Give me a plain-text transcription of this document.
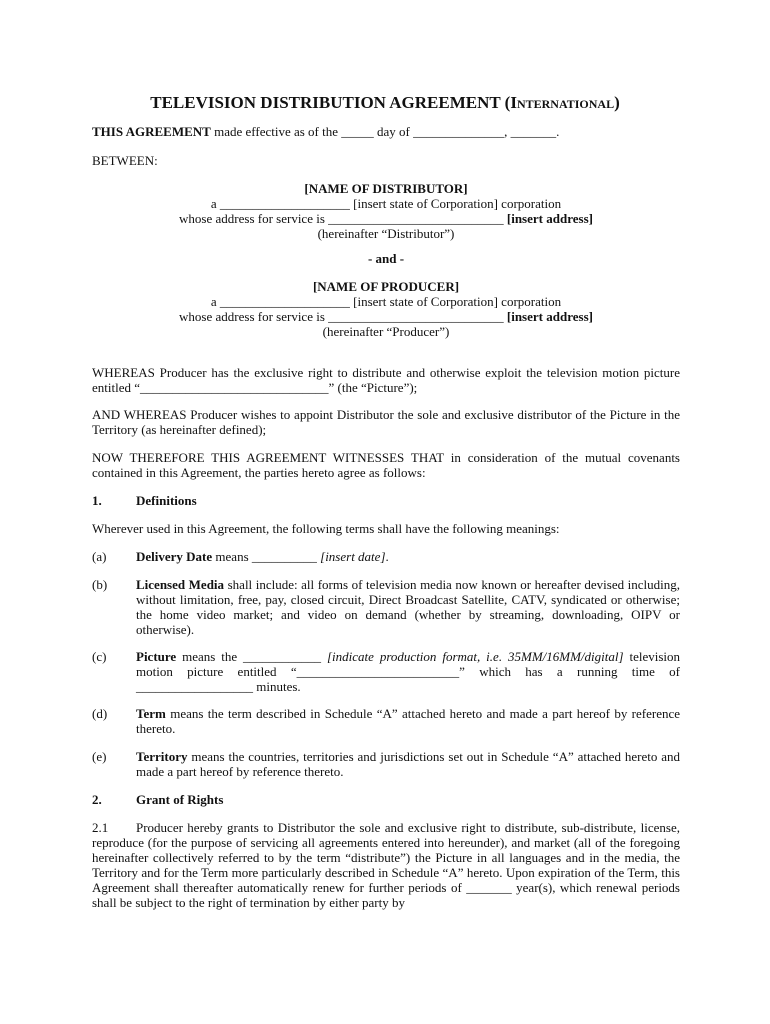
TELEVISION DISTRIBUTION AGREEMENT (International)
THIS AGREEMENT made effective as of the _____ day of ______________, _______.
BETWEEN:
[NAME OF DISTRIBUTOR]
a ____________________ [insert state of Corporation] corporation
whose address for service is ___________________________ [insert address]
(hereinafter “Distributor”)
- and -
[NAME OF PRODUCER]
a ____________________ [insert state of Corporation] corporation
whose address for service is ___________________________ [insert address]
(hereinafter “Producer”)
WHEREAS Producer has the exclusive right to distribute and otherwise exploit the television motion picture entitled “_____________________________” (the “Picture”);
AND WHEREAS Producer wishes to appoint Distributor the sole and exclusive distributor of the Picture in the Territory (as hereinafter defined);
NOW THEREFORE THIS AGREEMENT WITNESSES THAT in consideration of the mutual covenants contained in this Agreement, the parties hereto agree as follows:
1.	Definitions
Wherever used in this Agreement, the following terms shall have the following meanings:
(a) Delivery Date means __________ [insert date].
(b) Licensed Media shall include: all forms of television media now known or hereafter devised including, without limitation, free, pay, closed circuit, Direct Broadcast Satellite, CATV, syndicated or otherwise; the home video market; and video on demand (whether by streaming, downloading, OIPV or otherwise).
(c) Picture means the ____________ [indicate production format, i.e. 35MM/16MM/digital] television motion picture entitled “_________________________” which has a running time of __________________ minutes.
(d) Term means the term described in Schedule “A” attached hereto and made a part hereof by reference thereto.
(e) Territory means the countries, territories and jurisdictions set out in Schedule “A” attached hereto and made a part hereof by reference thereto.
2.	Grant of Rights
2.1 Producer hereby grants to Distributor the sole and exclusive right to distribute, sub-distribute, license, reproduce (for the purpose of servicing all agreements entered into hereunder), and market (all of the foregoing hereinafter collectively referred to by the term “distribute”) the Picture in all languages and in the media, the Territory and for the Term more particularly described in Schedule “A” hereto. Upon expiration of the Term, this Agreement shall thereafter automatically renew for further periods of _______ year(s), which renewal periods shall be subject to the right of termination by either party by
